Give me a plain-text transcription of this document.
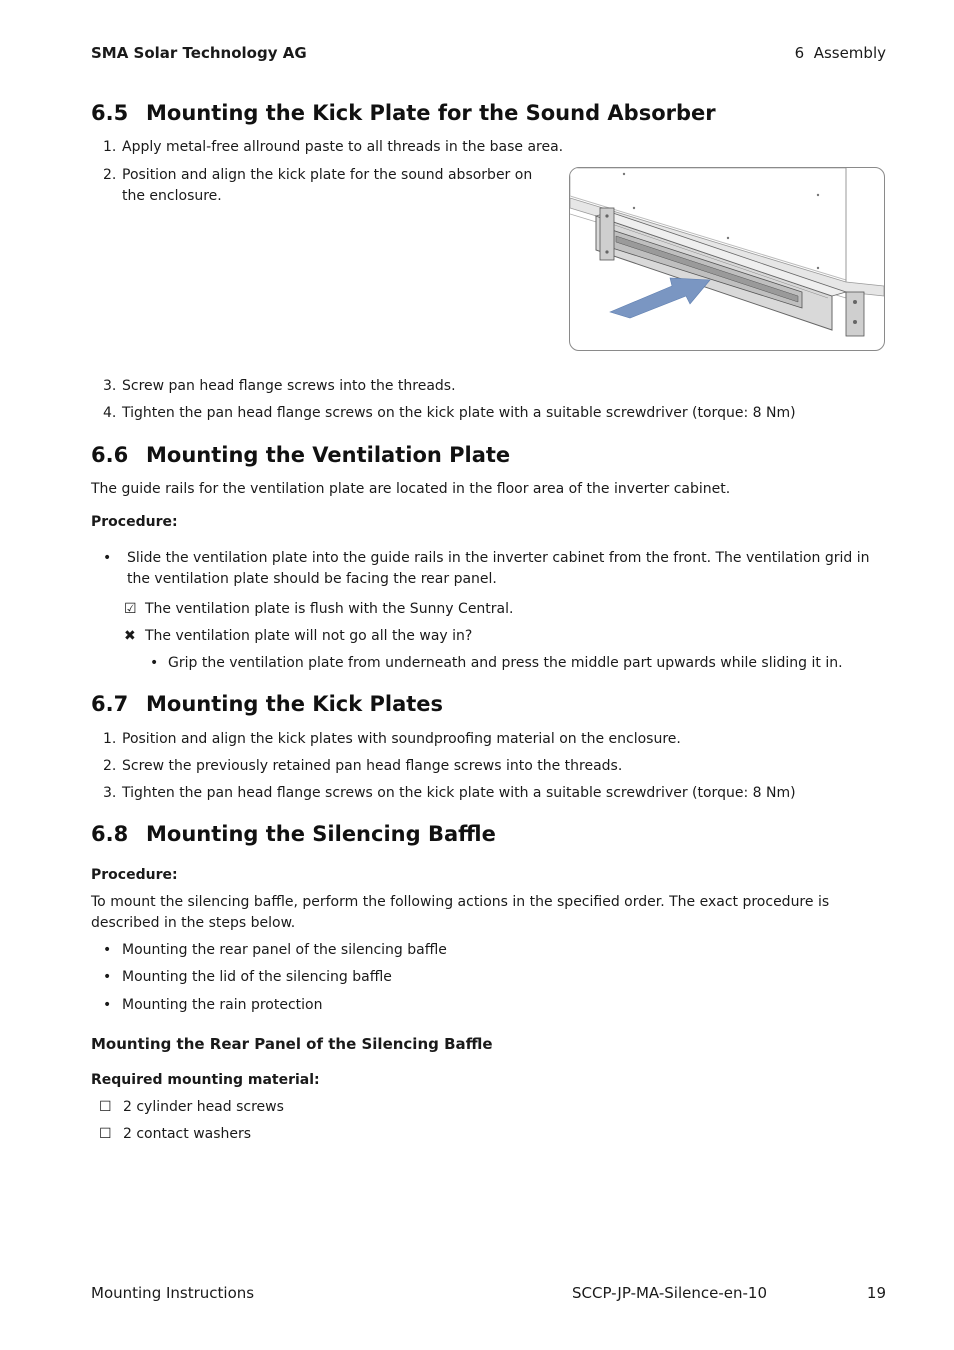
SMA Solar Technology AG	6  Assembly
6.5 Mounting the Kick Plate for the Sound Absorber
1. Apply metal-free allround paste to all threads in the base area.
2. Position and align the kick plate for the sound absorber on the enclosure.
3. Screw pan head flange screws into the threads.
4. Tighten the pan head flange screws on the kick plate with a suitable screwdriver (torque: 8 Nm)
6.6 Mounting the Ventilation Plate
The guide rails for the ventilation plate are located in the floor area of the inverter cabinet.
Procedure:
• Slide the ventilation plate into the guide rails in the inverter cabinet from the front. The ventilation grid in the ventilation plate should be facing the rear panel.
☑ The ventilation plate is flush with the Sunny Central.
✖ The ventilation plate will not go all the way in?
• Grip the ventilation plate from underneath and press the middle part upwards while sliding it in.
6.7 Mounting the Kick Plates
1. Position and align the kick plates with soundproofing material on the enclosure.
2. Screw the previously retained pan head flange screws into the threads.
3. Tighten the pan head flange screws on the kick plate with a suitable screwdriver (torque: 8 Nm)
6.8 Mounting the Silencing Baffle
Procedure:
To mount the silencing baffle, perform the following actions in the specified order. The exact procedure is described in the steps below.
• Mounting the rear panel of the silencing baffle
• Mounting the lid of the silencing baffle
• Mounting the rain protection
Mounting the Rear Panel of the Silencing Baffle
Required mounting material:
☐ 2 cylinder head screws
☐ 2 contact washers
Mounting Instructions	SCCP-JP-MA-Silence-en-10	19
